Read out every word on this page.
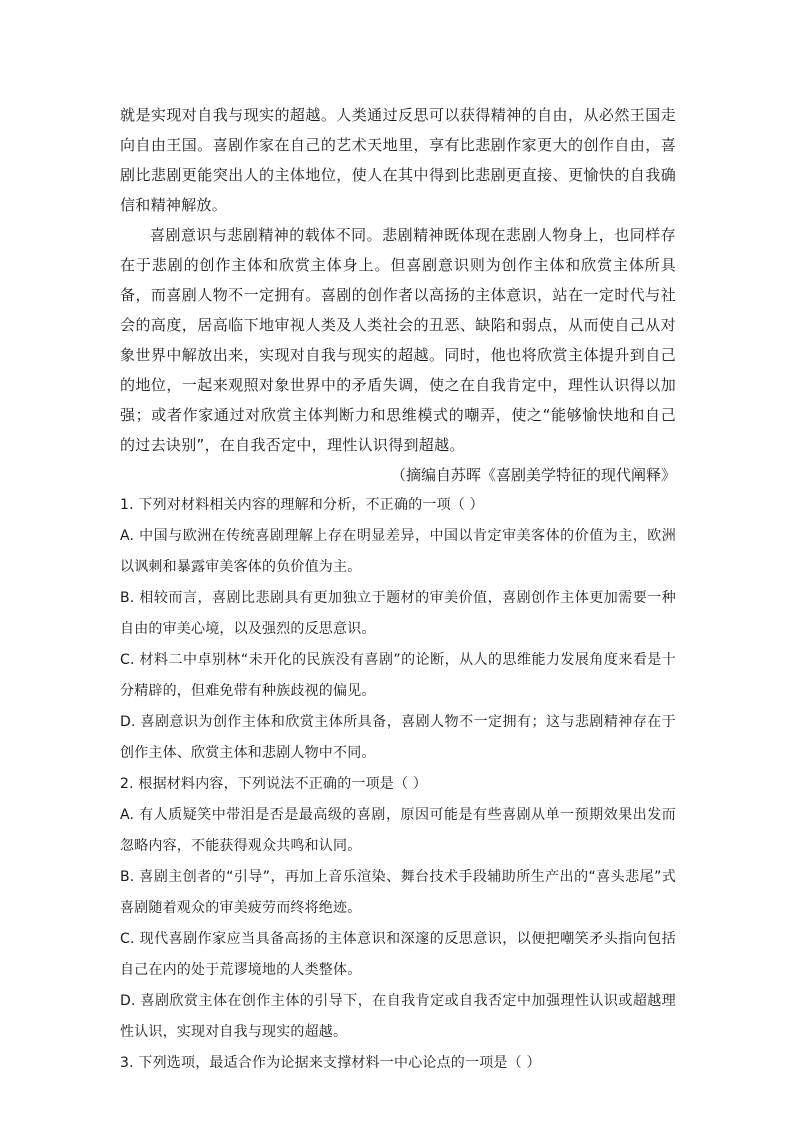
就是实现对自我与现实的超越。人类通过反思可以获得精神的自由，从必然王国走向自由王国。喜剧作家在自己的艺术天地里，享有比悲剧作家更大的创作自由，喜剧比悲剧更能突出人的主体地位，使人在其中得到比悲剧更直接、更愉快的自我确信和精神解放。

喜剧意识与悲剧精神的载体不同。悲剧精神既体现在悲剧人物身上，也同样存在于悲剧的创作主体和欣赏主体身上。但喜剧意识则为创作主体和欣赏主体所具备，而喜剧人物不一定拥有。喜剧的创作者以高扬的主体意识，站在一定时代与社会的高度，居高临下地审视人类及人类社会的丑恶、缺陷和弱点，从而使自己从对象世界中解放出来，实现对自我与现实的超越。同时，他也将欣赏主体提升到自己的地位，一起来观照对象世界中的矛盾失调，使之在自我肯定中，理性认识得以加强；或者作家通过对欣赏主体判断力和思维模式的嘲弄，使之“能够愉快地和自己的过去诀别”，在自我否定中，理性认识得到超越。

（摘编自苏晖《喜剧美学特征的现代阐释》

1. 下列对材料相关内容的理解和分析，不正确的一项（ ）

A. 中国与欧洲在传统喜剧理解上存在明显差异，中国以肯定审美客体的价值为主，欧洲以讽刺和暴露审美客体的负价值为主。

B. 相较而言，喜剧比悲剧具有更加独立于题材的审美价值，喜剧创作主体更加需要一种自由的审美心境，以及强烈的反思意识。

C. 材料二中卓别林“未开化的民族没有喜剧”的论断，从人的思维能力发展角度来看是十分精辟的，但难免带有种族歧视的偏见。

D. 喜剧意识为创作主体和欣赏主体所具备，喜剧人物不一定拥有；这与悲剧精神存在于创作主体、欣赏主体和悲剧人物中不同。

2. 根据材料内容，下列说法不正确的一项是（ ）

A. 有人质疑笑中带泪是否是最高级的喜剧，原因可能是有些喜剧从单一预期效果出发而忽略内容，不能获得观众共鸣和认同。

B. 喜剧主创者的“引导”，再加上音乐渲染、舞台技术手段辅助所生产出的“喜头悲尾”式喜剧随着观众的审美疲劳而终将绝迹。

C. 现代喜剧作家应当具备高扬的主体意识和深邃的反思意识，以便把嘲笑矛头指向包括自己在内的处于荒谬境地的人类整体。

D. 喜剧欣赏主体在创作主体的引导下，在自我肯定或自我否定中加强理性认识或超越理性认识，实现对自我与现实的超越。

3. 下列选项，最适合作为论据来支撑材料一中心论点的一项是（ ）
